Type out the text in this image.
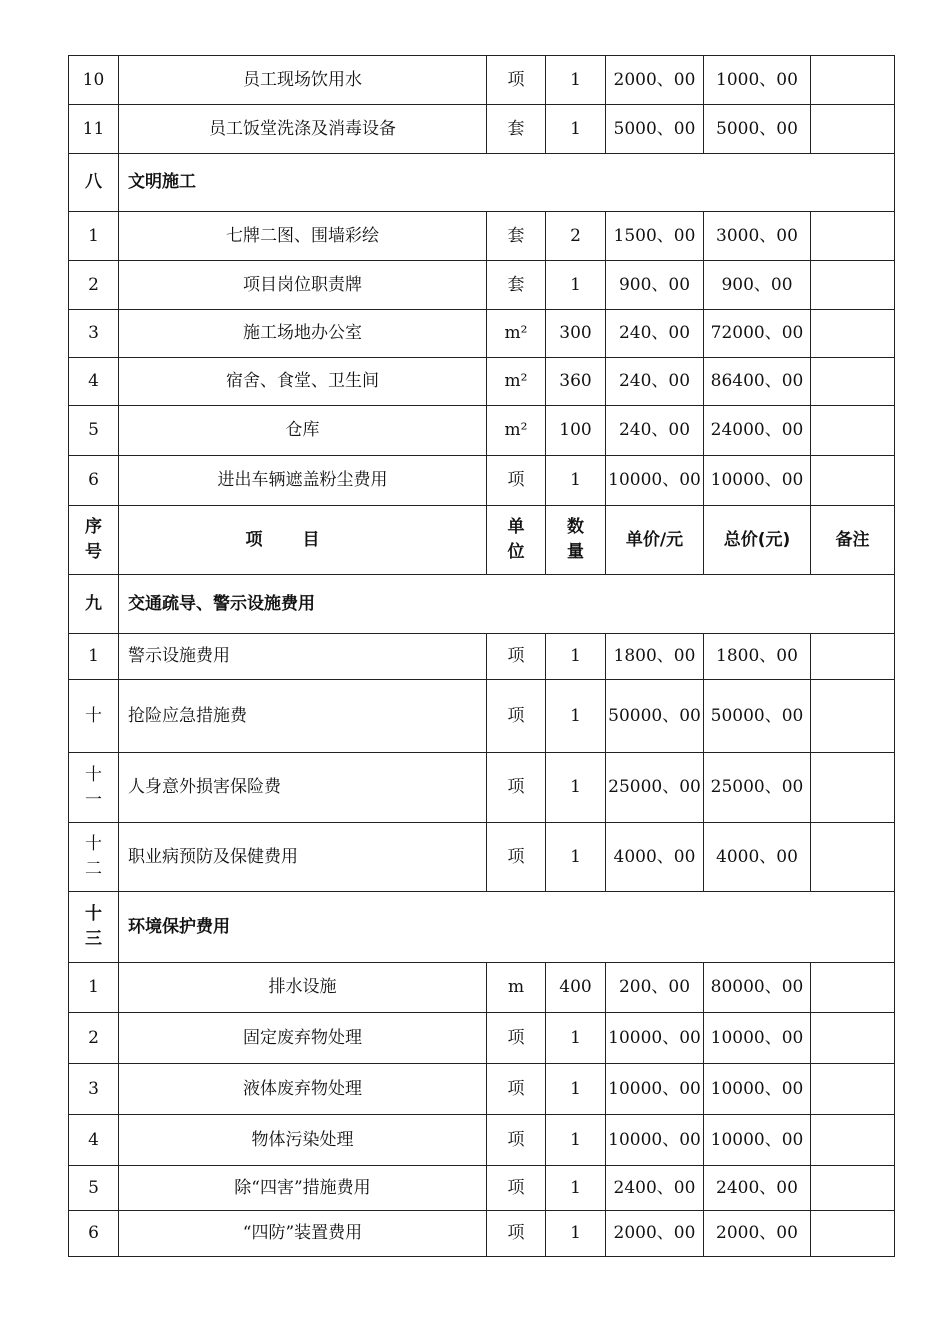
10	员工现场饮用水	项	1	2000、00	1000、00	
11	员工饭堂洗涤及消毒设备	套	1	5000、00	5000、00	
八	文明施工					
1	七牌二图、围墙彩绘	套	2	1500、00	3000、00	
2	项目岗位职责牌	套	1	900、00	900、00	
3	施工场地办公室	m²	300	240、00	72000、00	
4	宿舍、食堂、卫生间	m²	360	240、00	86400、00	
5	仓库	m²	100	240、00	24000、00	
6	进出车辆遮盖粉尘费用	项	1	10000、00	10000、00	

序号	项目	单位	数量	单价/元	总价(元)	备注
九	交通疏导、警示设施费用					
1	警示设施费用	项	1	1800、00	1800、00	
十	抢险应急措施费	项	1	50000、00	50000、00	

十一	人身意外损害保险费	项	1	25000、00	25000、00	

十二	职业病预防及保健费用	项	1	4000、00	4000、00	

十三	环境保护费用					
1	排水设施	m	400	200、00	80000、00	
2	固定废弃物处理	项	1	10000、00	10000、00	
3	液体废弃物处理	项	1	10000、00	10000、00	
4	物体污染处理	项	1	10000、00	10000、00	
5	除“四害”措施费用	项	1	2400、00	2400、00	
6	“四防”装置费用	项	1	2000、00	2000、00	
